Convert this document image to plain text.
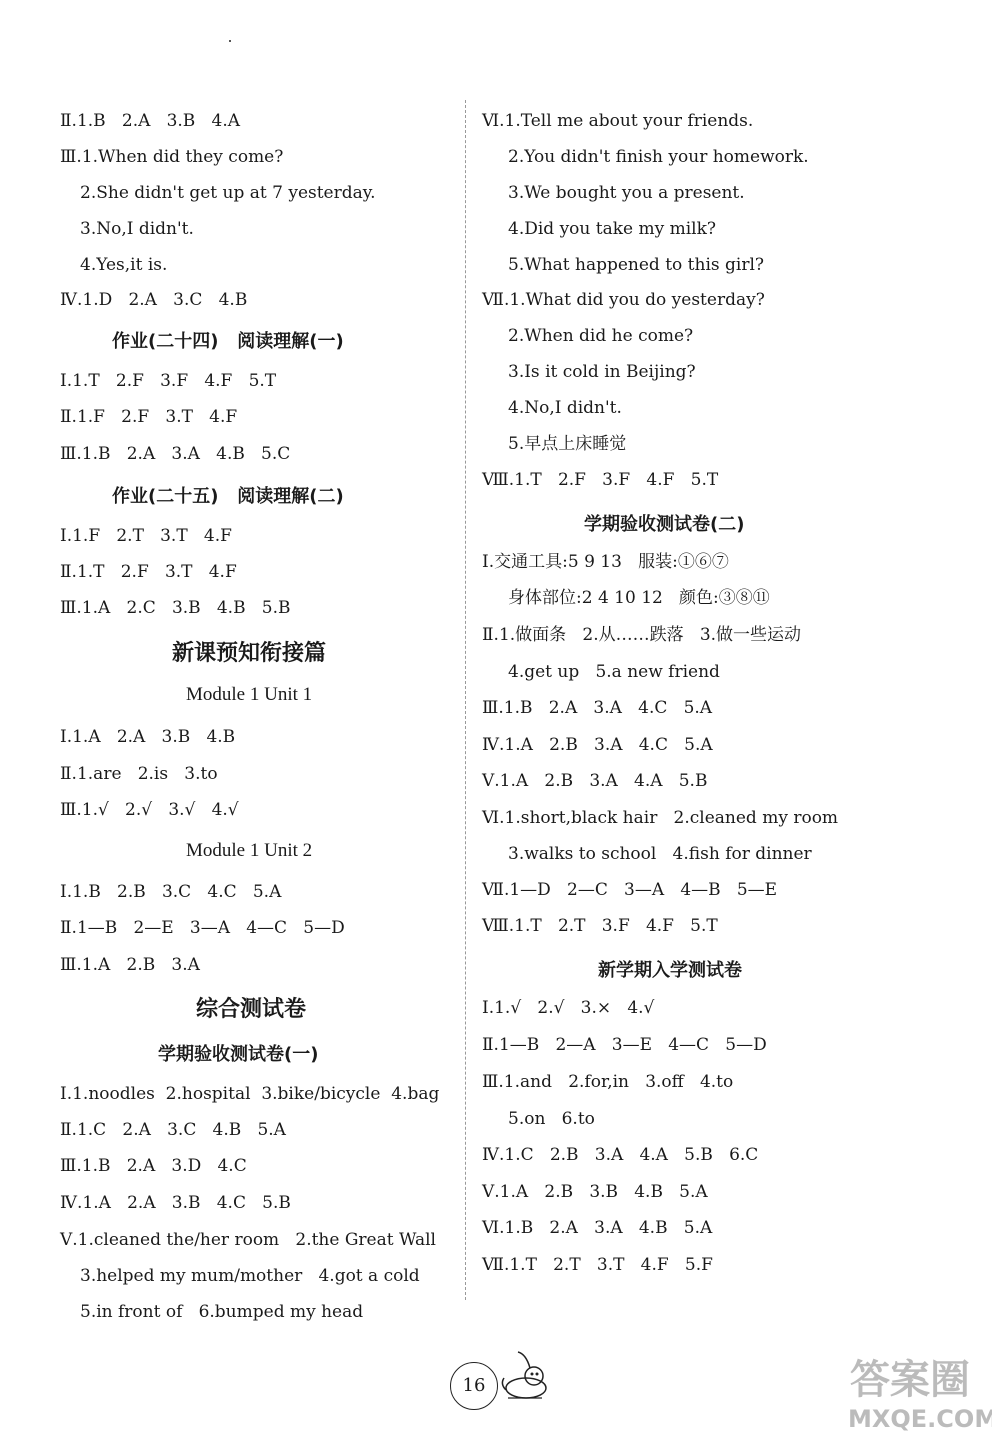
Ⅱ.1.B   2.A   3.B   4.A
Ⅲ.1.When did they come?
2.She didn't get up at 7 yesterday.
3.No,I didn't.
4.Yes,it is.
Ⅳ.1.D   2.A   3.C   4.B
作业(二十四)   阅读理解(一)
Ⅰ.1.T   2.F   3.F   4.F   5.T
Ⅱ.1.F   2.F   3.T   4.F
Ⅲ.1.B   2.A   3.A   4.B   5.C
作业(二十五)   阅读理解(二)
Ⅰ.1.F   2.T   3.T   4.F
Ⅱ.1.T   2.F   3.T   4.F
Ⅲ.1.A   2.C   3.B   4.B   5.B
新课预知衔接篇
Module 1 Unit 1
Ⅰ.1.A   2.A   3.B   4.B
Ⅱ.1.are   2.is   3.to
Ⅲ.1.√   2.√   3.√   4.√
Module 1 Unit 2
Ⅰ.1.B   2.B   3.C   4.C   5.A
Ⅱ.1—B   2—E   3—A   4—C   5—D
Ⅲ.1.A   2.B   3.A
综合测试卷
学期验收测试卷(一)
Ⅰ.1.noodles  2.hospital  3.bike/bicycle  4.bag
Ⅱ.1.C   2.A   3.C   4.B   5.A
Ⅲ.1.B   2.A   3.D   4.C
Ⅳ.1.A   2.A   3.B   4.C   5.B
Ⅴ.1.cleaned the/her room   2.the Great Wall
3.helped my mum/mother   4.got a cold
5.in front of   6.bumped my head
Ⅵ.1.Tell me about your friends.
2.You didn't finish your homework.
3.We bought you a present.
4.Did you take my milk?
5.What happened to this girl?
Ⅶ.1.What did you do yesterday?
2.When did he come?
3.Is it cold in Beijing?
4.No,I didn't.
5.早点上床睡觉
Ⅷ.1.T   2.F   3.F   4.F   5.T
学期验收测试卷(二)
Ⅰ.交通工具:5 9 13   服装:①⑥⑦
身体部位:2 4 10 12   颜色:③⑧⑪
Ⅱ.1.做面条   2.从……跌落   3.做一些运动
4.get up   5.a new friend
Ⅲ.1.B   2.A   3.A   4.C   5.A
Ⅳ.1.A   2.B   3.A   4.C   5.A
Ⅴ.1.A   2.B   3.A   4.A   5.B
Ⅵ.1.short,black hair   2.cleaned my room
3.walks to school   4.fish for dinner
Ⅶ.1—D   2—C   3—A   4—B   5—E
Ⅷ.1.T   2.T   3.F   4.F   5.T
新学期入学测试卷
Ⅰ.1.√   2.√   3.×   4.√
Ⅱ.1—B   2—A   3—E   4—C   5—D
Ⅲ.1.and   2.for,in   3.off   4.to
5.on   6.to
Ⅳ.1.C   2.B   3.A   4.A   5.B   6.C
Ⅴ.1.A   2.B   3.B   4.B   5.A
Ⅵ.1.B   2.A   3.A   4.B   5.A
Ⅶ.1.T   2.T   3.T   4.F   5.F
16	答案圈
MXQE.COM
